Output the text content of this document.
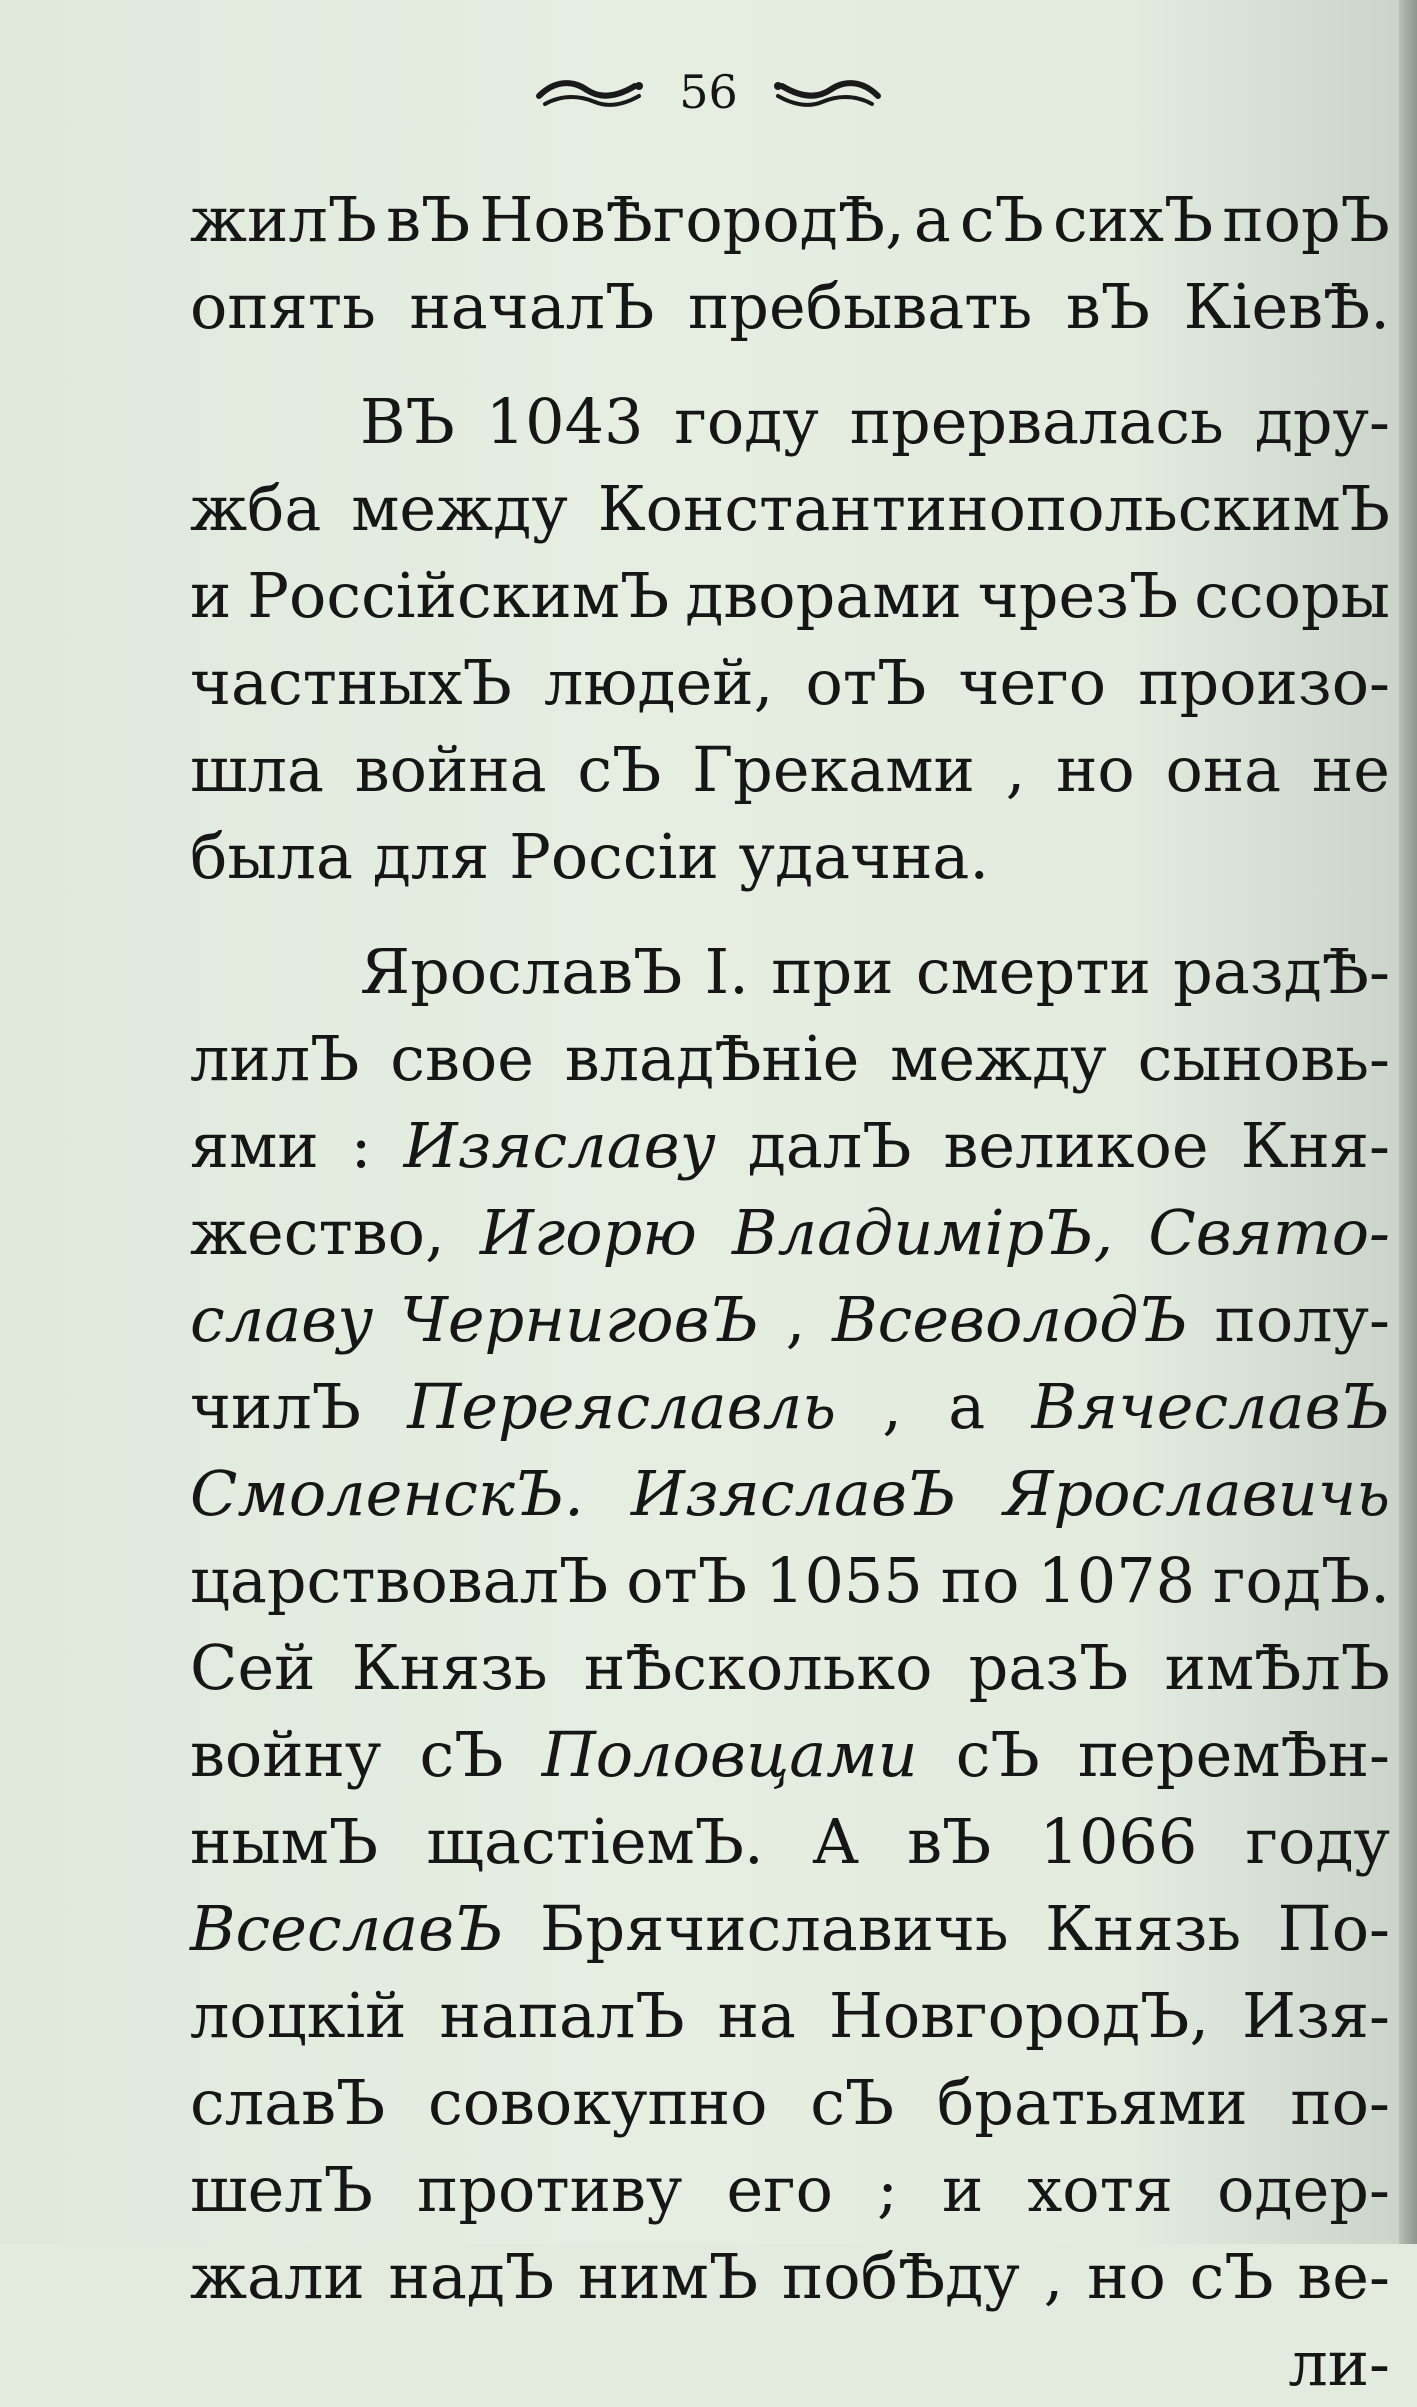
56
жилЪ вЪ НовѢгородѢ, а сЪ сихЪ порЪ
опять началЪ пребывать вЪ КіевѢ.
ВЪ 1043 году прервалась дру-
жба между КонстантинопольскимЪ
и РоссійскимЪ дворами чрезЪ ссоры
частныхЪ людей, отЪ чего произо-
шла война сЪ Греками , но она не
была для Россіи удачна.
ЯрославЪ I. при смерти раздѢ-
лилЪ свое владѢніе между сыновь-
ями : Изяславу далЪ великое Кня-
жество, Игорю ВладимірЪ, Свято-
славу ЧерниговЪ , ВсеволодЪ полу-
чилЪ Переяславль , а ВячеславЪ
СмоленскЪ. ИзяславЪ Ярославичь
царствовалЪ отЪ 1055 по 1078 годЪ.
Сей Князь нѢсколько разЪ имѢлЪ
войну сЪ Половцами сЪ перемѢн-
нымЪ щастіемЪ. А вЪ 1066 году
ВсеславЪ Брячиславичь Князь По-
лоцкій напалЪ на НовгородЪ, Изя-
славЪ совокупно сЪ братьями по-
шелЪ противу его ; и хотя одер-
жали надЪ нимЪ побѢду , но сЪ ве-
ли-
